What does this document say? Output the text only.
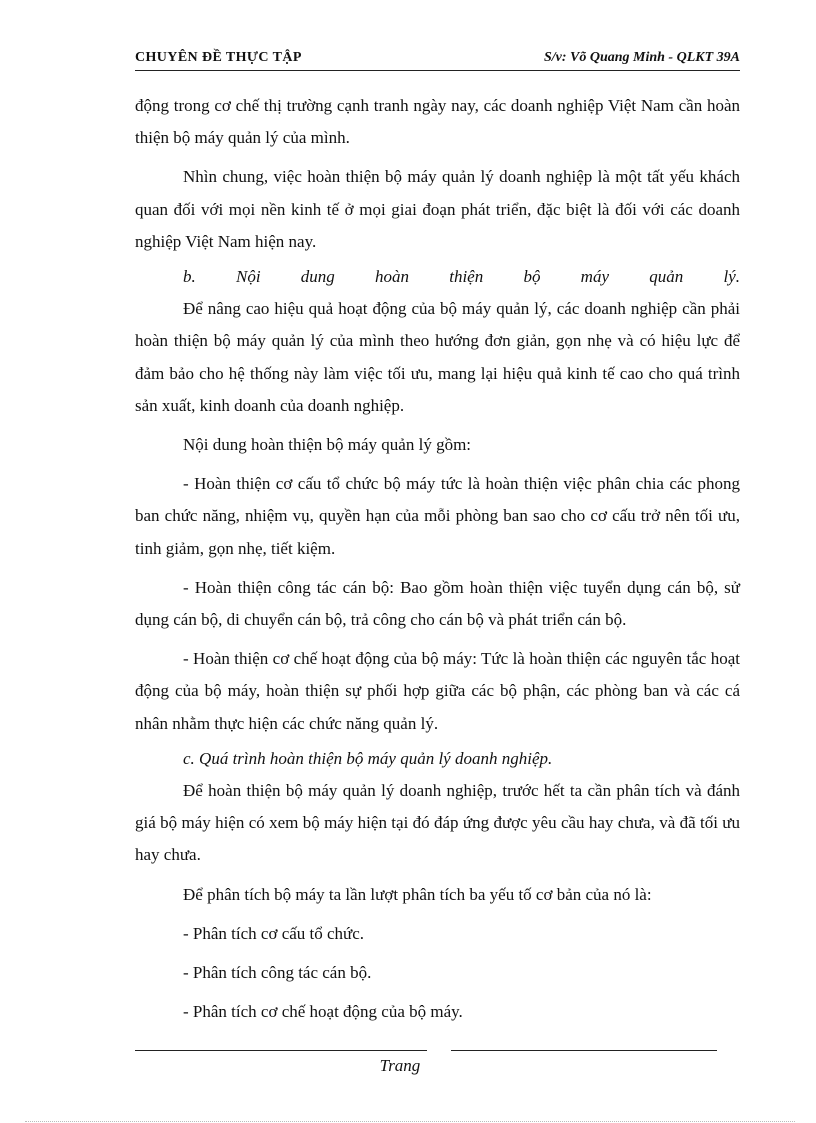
CHUYÊN ĐỀ THỰC TẬP	S/v: Võ Quang Minh - QLKT 39A

động trong cơ chế thị trường cạnh tranh ngày nay, các doanh nghiệp Việt Nam cần hoàn thiện bộ máy quản lý của mình.

Nhìn chung, việc hoàn thiện bộ máy quản lý doanh nghiệp là một tất yếu khách quan đối với mọi nền kinh tế ở mọi giai đoạn phát triển, đặc biệt là đối với các doanh nghiệp Việt Nam hiện nay.

b. Nội dung hoàn thiện bộ máy quản lý.

Để nâng cao hiệu quả hoạt động của bộ máy quản lý, các doanh nghiệp cần phải hoàn thiện bộ máy quản lý của mình theo hướng đơn giản, gọn nhẹ và có hiệu lực để đảm bảo cho hệ thống này làm việc tối ưu, mang lại hiệu quả kinh tế cao cho quá trình sản xuất, kinh doanh của doanh nghiệp.

Nội dung hoàn thiện bộ máy quản lý gồm:

- Hoàn thiện cơ cấu tổ chức bộ máy tức là hoàn thiện việc phân chia các phong ban chức năng, nhiệm vụ, quyền hạn của mỗi phòng ban sao cho cơ cấu trở nên tối ưu, tinh giảm, gọn nhẹ, tiết kiệm.

- Hoàn thiện công tác cán bộ: Bao gồm hoàn thiện việc tuyển dụng cán bộ, sử dụng cán bộ, di chuyển cán bộ, trả công cho cán bộ và phát triển cán bộ.

- Hoàn thiện cơ chế hoạt động của bộ máy: Tức là hoàn thiện các nguyên tắc hoạt động của bộ máy, hoàn thiện sự phối hợp giữa các bộ phận, các phòng ban và các cá nhân nhằm thực hiện các chức năng quản lý.

c. Quá trình hoàn thiện bộ máy quản lý doanh nghiệp.

Để hoàn thiện bộ máy quản lý doanh nghiệp, trước hết ta cần phân tích và đánh giá bộ máy hiện có xem bộ máy hiện tại đó đáp ứng được yêu cầu hay chưa, và đã tối ưu hay chưa.

Để phân tích bộ máy ta lần lượt phân tích ba yếu tố cơ bản của nó là:

- Phân tích cơ cấu tổ chức.

- Phân tích công tác cán bộ.

- Phân tích cơ chế hoạt động của bộ máy.

Trang
